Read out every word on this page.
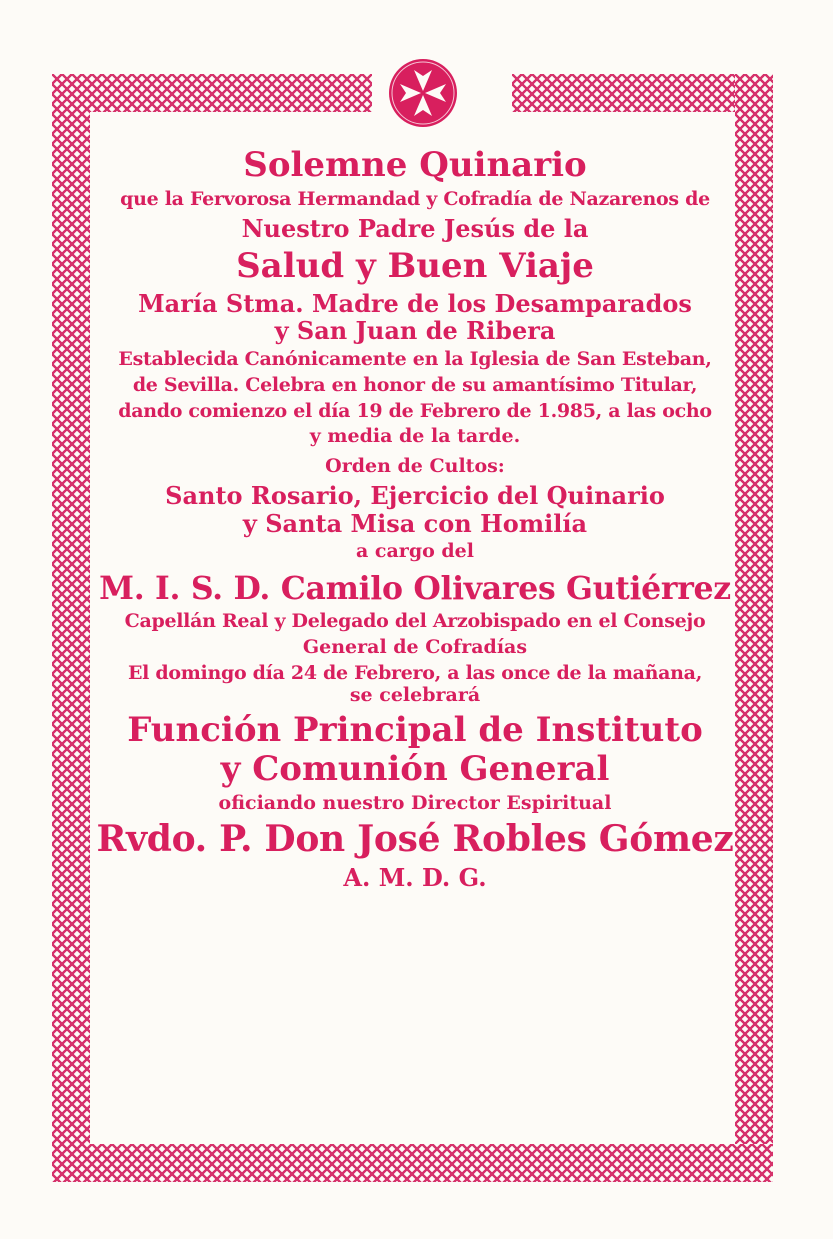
Solemne Quinario
que la Fervorosa Hermandad y Cofradía de Nazarenos de
Nuestro Padre Jesús de la
Salud y Buen Viaje
María Stma. Madre de los Desamparados
y San Juan de Ribera
Establecida Canónicamente en la Iglesia de San Esteban,
de Sevilla. Celebra en honor de su amantísimo Titular,
dando comienzo el día 19 de Febrero de 1.985, a las ocho
y media de la tarde.
Orden de Cultos:
Santo Rosario, Ejercicio del Quinario
y Santa Misa con Homilía
a cargo del
M. I. S. D. Camilo Olivares Gutiérrez
Capellán Real y Delegado del Arzobispado en el Consejo
General de Cofradías
El domingo día 24 de Febrero, a las once de la mañana,
se celebrará
Función Principal de Instituto
y Comunión General
oficiando nuestro Director Espiritual
Rvdo. P. Don José Robles Gómez
A. M. D. G.
